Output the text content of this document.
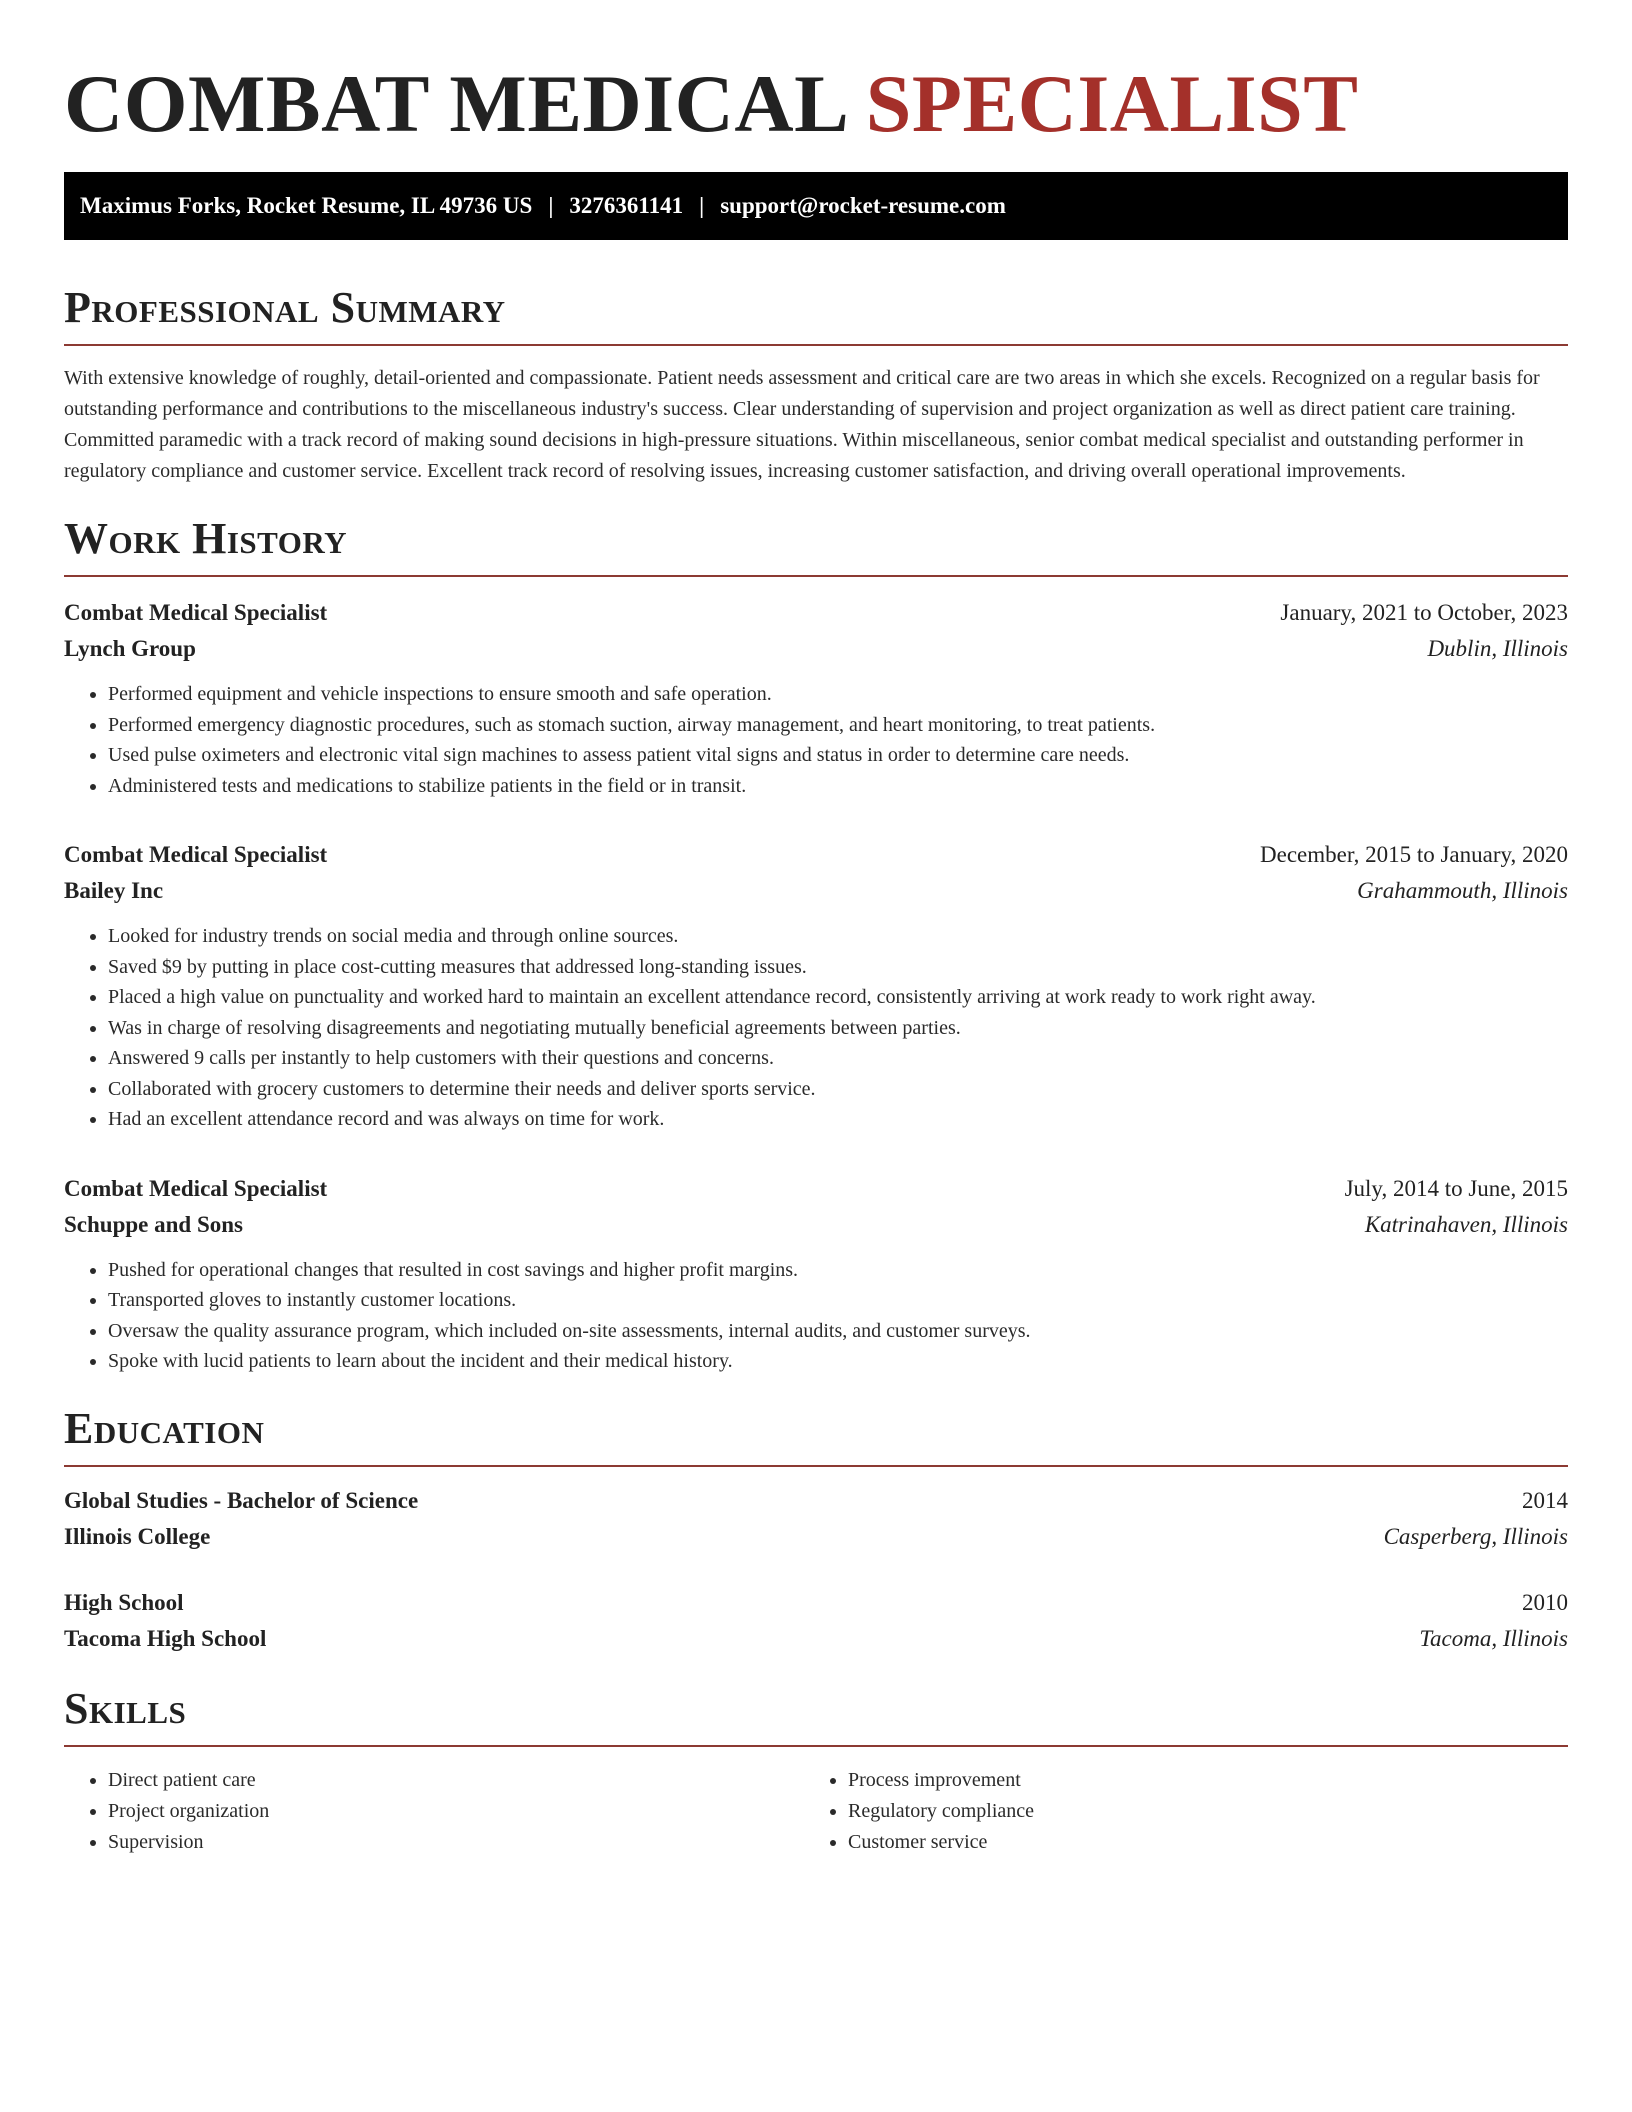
COMBAT MEDICAL SPECIALIST
Maximus Forks, Rocket Resume, IL 49736 US | 3276361141 | support@rocket-resume.com
Professional Summary

With extensive knowledge of roughly, detail-oriented and compassionate. Patient needs assessment and critical care are two areas in which she excels. Recognized on a regular basis for outstanding performance and contributions to the miscellaneous industry's success. Clear understanding of supervision and project organization as well as direct patient care training. Committed paramedic with a track record of making sound decisions in high-pressure situations. Within miscellaneous, senior combat medical specialist and outstanding performer in regulatory compliance and customer service. Excellent track record of resolving issues, increasing customer satisfaction, and driving overall operational improvements.

Work History
Combat Medical Specialist	January, 2021 to October, 2023
Lynch Group	Dublin, Illinois
• Performed equipment and vehicle inspections to ensure smooth and safe operation.
• Performed emergency diagnostic procedures, such as stomach suction, airway management, and heart monitoring, to treat patients.
• Used pulse oximeters and electronic vital sign machines to assess patient vital signs and status in order to determine care needs.
• Administered tests and medications to stabilize patients in the field or in transit.
Combat Medical Specialist	December, 2015 to January, 2020
Bailey Inc	Grahammouth, Illinois
• Looked for industry trends on social media and through online sources.
• Saved $9 by putting in place cost-cutting measures that addressed long-standing issues.
• Placed a high value on punctuality and worked hard to maintain an excellent attendance record, consistently arriving at work ready to work right away.
• Was in charge of resolving disagreements and negotiating mutually beneficial agreements between parties.
• Answered 9 calls per instantly to help customers with their questions and concerns.
• Collaborated with grocery customers to determine their needs and deliver sports service.
• Had an excellent attendance record and was always on time for work.
Combat Medical Specialist	July, 2014 to June, 2015
Schuppe and Sons	Katrinahaven, Illinois
• Pushed for operational changes that resulted in cost savings and higher profit margins.
• Transported gloves to instantly customer locations.
• Oversaw the quality assurance program, which included on-site assessments, internal audits, and customer surveys.
• Spoke with lucid patients to learn about the incident and their medical history.
Education
Global Studies - Bachelor of Science	2014
Illinois College	Casperberg, Illinois
High School	2010
Tacoma High School	Tacoma, Illinois
Skills
• Direct patient care
• Project organization
• Supervision
• Process improvement
• Regulatory compliance
• Customer service
